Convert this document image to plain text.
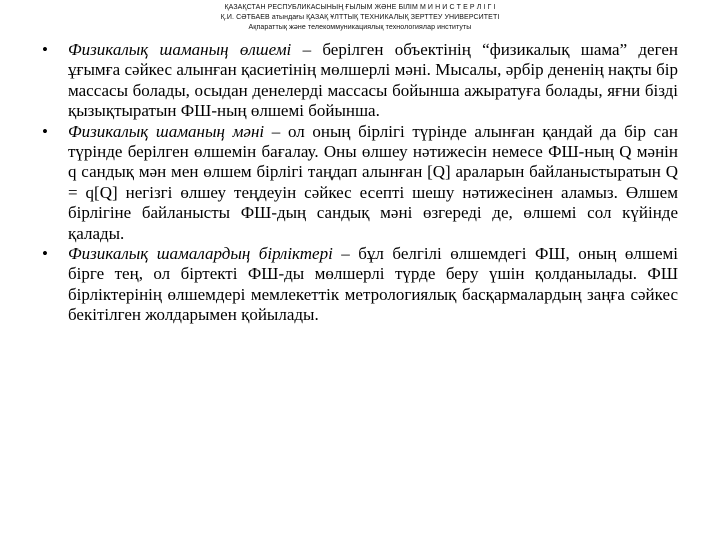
ҚАЗАҚСТАН РЕСПУБЛИКАСЫНЫҢ ҒЫЛЫМ ЖӘНЕ БІЛІМ М И Н И С Т Е Р Л І Г І
Қ.И. СӘТБАЕВ атындағы ҚАЗАҚ ҰЛТТЫҚ ТЕХНИКАЛЫҚ ЗЕРТТЕУ УНИВЕРСИТЕТІ
Ақпараттық және телекоммуникациялық технологиялар институты
• Физикалық шаманың өлшемі – берілген объектінің “физикалық шама” деген ұғымға сәйкес алынған қасиетінің мөлшерлі мәні. Мысалы, әрбір дененің нақты бір массасы болады, осыдан денелерді массасы бойынша ажыратуға болады, яғни бізді қызықтыратын ФШ-ның өлшемі бойынша.
• Физикалық шаманың мәні – ол оның бірлігі түрінде алынған қандай да бір сан түрінде берілген өлшемін бағалау. Оны өлшеу нәтижесін немесе ФШ-ның Q мәнін q сандық мән мен өлшем бірлігі таңдап алынған [Q] араларын байланыстыратын Q = q[Q] негізгі өлшеу теңдеуін сәйкес есепті шешу нәтижесінен аламыз. Өлшем бірлігіне байланысты ФШ-дың сандық мәні өзгереді де, өлшемі сол күйінде қалады.
• Физикалық шамалардың бірліктері – бұл белгілі өлшемдегі ФШ, оның өлшемі бірге тең, ол біртекті ФШ-ды мөлшерлі түрде беру үшін қолданылады. ФШ бірліктерінің өлшемдері мемлекеттік метрологиялық басқармалардың заңға сәйкес бекітілген жолдарымен қойылады.
